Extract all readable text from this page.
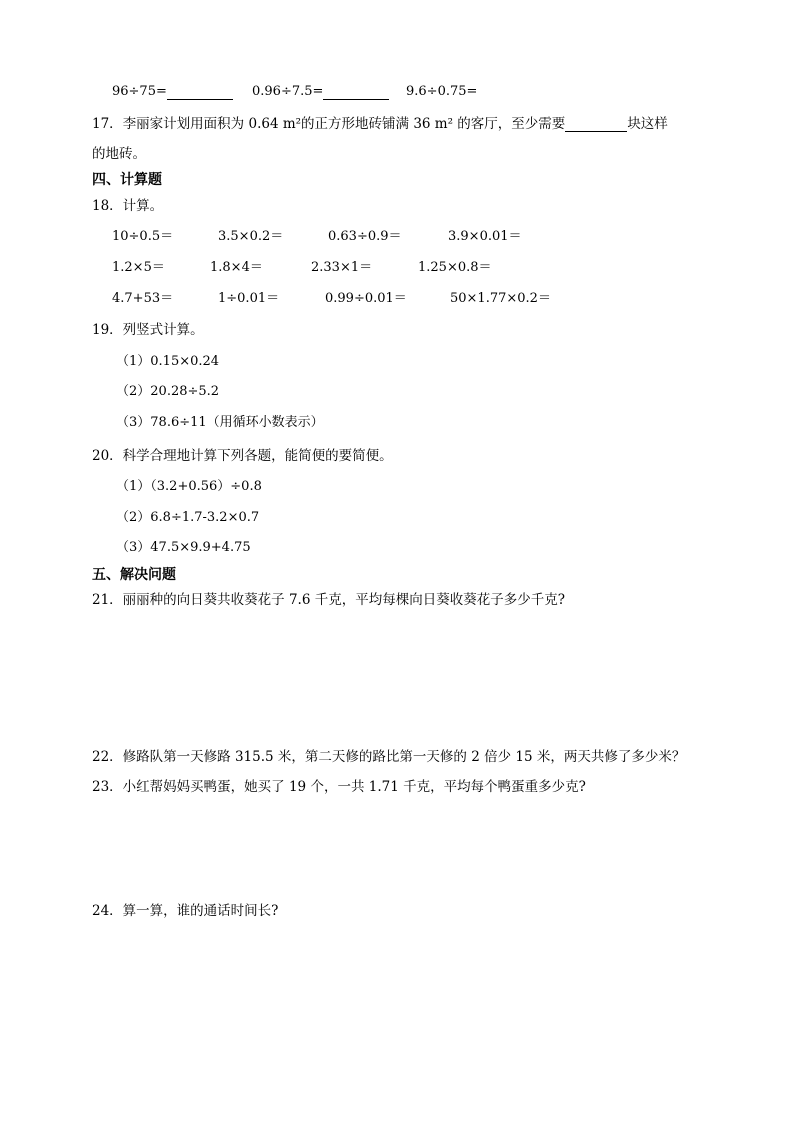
96÷75=	0.96÷7.5=	9.6÷0.75=
17．李丽家计划用面积为 0.64 m²的正方形地砖铺满 36 m² 的客厅，至少需要	块这样
的地砖。
四、计算题
18．计算。
10÷0.5＝	3.5×0.2＝	0.63÷0.9＝	3.9×0.01＝
1.2×5＝	1.8×4＝	2.33×1＝	1.25×0.8＝
4.7+53＝	1÷0.01＝	0.99÷0.01＝	50×1.77×0.2＝
19．列竖式计算。
（1）0.15×0.24
（2）20.28÷5.2
（3）78.6÷11（用循环小数表示）
20．科学合理地计算下列各题，能简便的要简便。
（1）（3.2+0.56）÷0.8
（2）6.8÷1.7-3.2×0.7
（3）47.5×9.9+4.75
五、解决问题
21．丽丽种的向日葵共收葵花子 7.6 千克，平均每棵向日葵收葵花子多少千克?
22．修路队第一天修路 315.5 米，第二天修的路比第一天修的 2 倍少 15 米，两天共修了多少米？
23．小红帮妈妈买鸭蛋，她买了 19 个，一共 1.71 千克，平均每个鸭蛋重多少克?
24．算一算，谁的通话时间长?
